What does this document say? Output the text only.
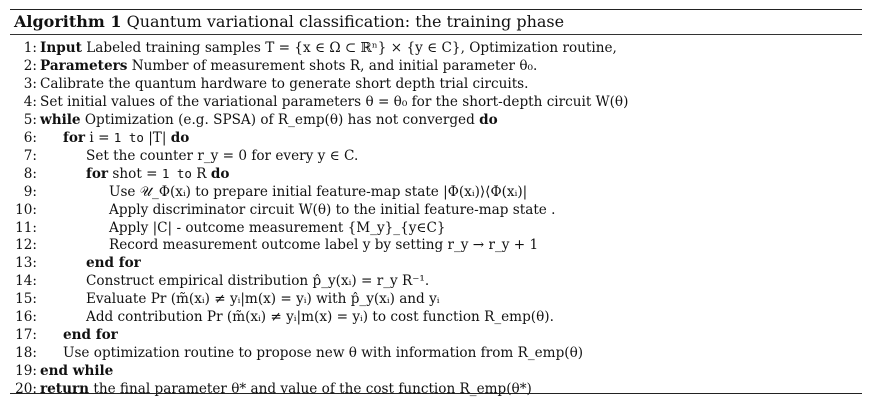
Algorithm 1 Quantum variational classification: the training phase
1: Input Labeled training samples T = {x ∈ Ω ⊂ ℝⁿ} × {y ∈ C}, Optimization routine,
2: Parameters Number of measurement shots R, and initial parameter θ₀.
3: Calibrate the quantum hardware to generate short depth trial circuits.
4: Set initial values of the variational parameters θ = θ₀ for the short-depth circuit W(θ)
5: while Optimization (e.g. SPSA) of R_emp(θ) has not converged do
6: for i = 1 to |T| do
7:	Set the counter r_y = 0 for every y ∈ C.
8:	for shot = 1 to R do
9:	Use 𝒰_Φ(xᵢ) to prepare initial feature-map state |Φ(xᵢ)⟩⟨Φ(xᵢ)|
10:	Apply discriminator circuit W(θ) to the initial feature-map state .
11:	Apply |C| - outcome measurement {M_y}_{y∈C}
12:	Record measurement outcome label y by setting r_y → r_y + 1
13:	end for
14:	Construct empirical distribution p̂_y(xᵢ) = r_y R⁻¹.
15:	Evaluate Pr (m̃(xᵢ) ≠ yᵢ|m(x) = yᵢ) with p̂_y(xᵢ) and yᵢ
16:	Add contribution Pr (m̃(xᵢ) ≠ yᵢ|m(x) = yᵢ) to cost function R_emp(θ).
17: end for
18: Use optimization routine to propose new θ with information from R_emp(θ)
19: end while
20: return the final parameter θ* and value of the cost function R_emp(θ*)
